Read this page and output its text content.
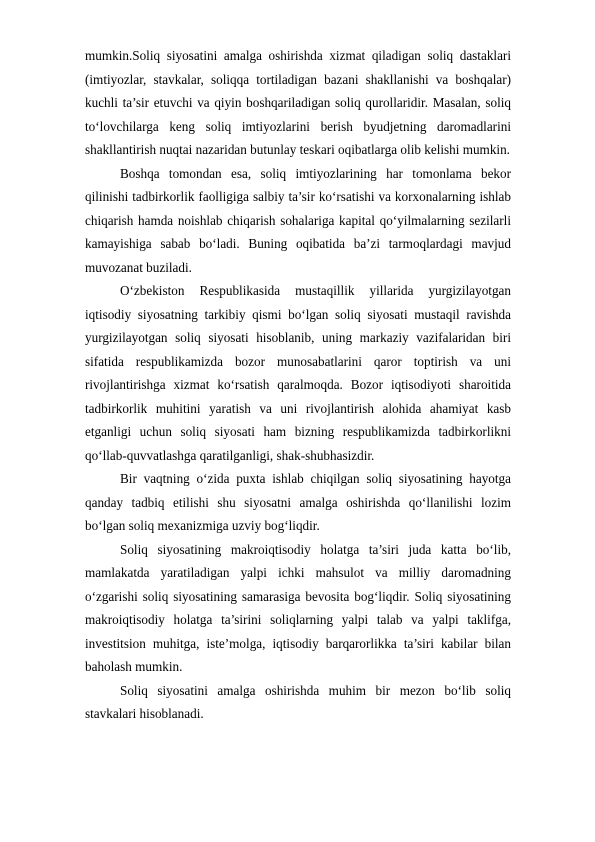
mumkin.Soliq siyosatini amalga oshirishda xizmat qiladigan soliq dastaklari (imtiyozlar, stavkalar, soliqqa tortiladigan bazani shakllanishi va boshqalar) kuchli ta’sir etuvchi va qiyin boshqariladigan soliq qurollaridir. Masalan, soliq to‘lovchilarga keng soliq imtiyozlarini berish byudjetning daromadlarini shakllantirish nuqtai nazaridan butunlay teskari oqibatlarga olib kelishi mumkin.

Boshqa tomondan esa, soliq imtiyozlarining har tomonlama bekor qilinishi tadbirkorlik faolligiga salbiy ta’sir ko‘rsatishi va korxonalarning ishlab chiqarish hamda noishlab chiqarish sohalariga kapital qo‘yilmalarning sezilarli kamayishiga sabab bo‘ladi. Buning oqibatida ba’zi tarmoqlardagi mavjud muvozanat buziladi.

O‘zbekiston Respublikasida mustaqillik yillarida yurgizilayotgan iqtisodiy siyosatning tarkibiy qismi bo‘lgan soliq siyosati mustaqil ravishda yurgizilayotgan soliq siyosati hisoblanib, uning markaziy vazifalaridan biri sifatida respublikamizda bozor munosabatlarini qaror toptirish va uni rivojlantirishga xizmat ko‘rsatish qaralmoqda. Bozor iqtisodiyoti sharoitida tadbirkorlik muhitini yaratish va uni rivojlantirish alohida ahamiyat kasb etganligi uchun soliq siyosati ham bizning respublikamizda tadbirkorlikni qo‘llab-quvvatlashga qaratilganligi, shak-shubhasizdir.

Bir vaqtning o‘zida puxta ishlab chiqilgan soliq siyosatining hayotga qanday tadbiq etilishi shu siyosatni amalga oshirishda qo‘llanilishi lozim bo‘lgan soliq mexanizmiga uzviy bog‘liqdir.

Soliq siyosatining makroiqtisodiy holatga ta’siri juda katta bo‘lib, mamlakatda yaratiladigan yalpi ichki mahsulot va milliy daromadning o‘zgarishi soliq siyosatining samarasiga bevosita bog‘liqdir. Soliq siyosatining makroiqtisodiy holatga ta’sirini soliqlarning yalpi talab va yalpi taklifga, investitsion muhitga, iste’molga, iqtisodiy barqarorlikka ta’siri kabilar bilan baholash mumkin.

Soliq siyosatini amalga oshirishda muhim bir mezon bo‘lib soliq stavkalari hisoblanadi.
